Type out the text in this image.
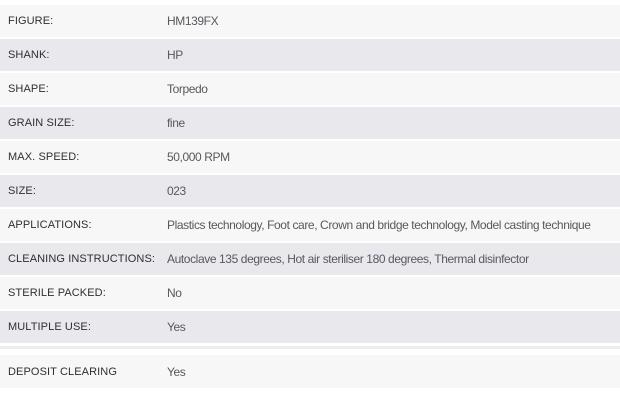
FIGURE:	HM139FX
SHANK:	HP
SHAPE:	Torpedo
GRAIN SIZE:	fine
MAX. SPEED:	50,000 RPM
SIZE:	023
APPLICATIONS:	Plastics technology, Foot care, Crown and bridge technology, Model casting technique
CLEANING INSTRUCTIONS: Autoclave 135 degrees, Hot air steriliser 180 degrees, Thermal disinfector
STERILE PACKED:	No
MULTIPLE USE:	Yes
DEPOSIT CLEARING	Yes
